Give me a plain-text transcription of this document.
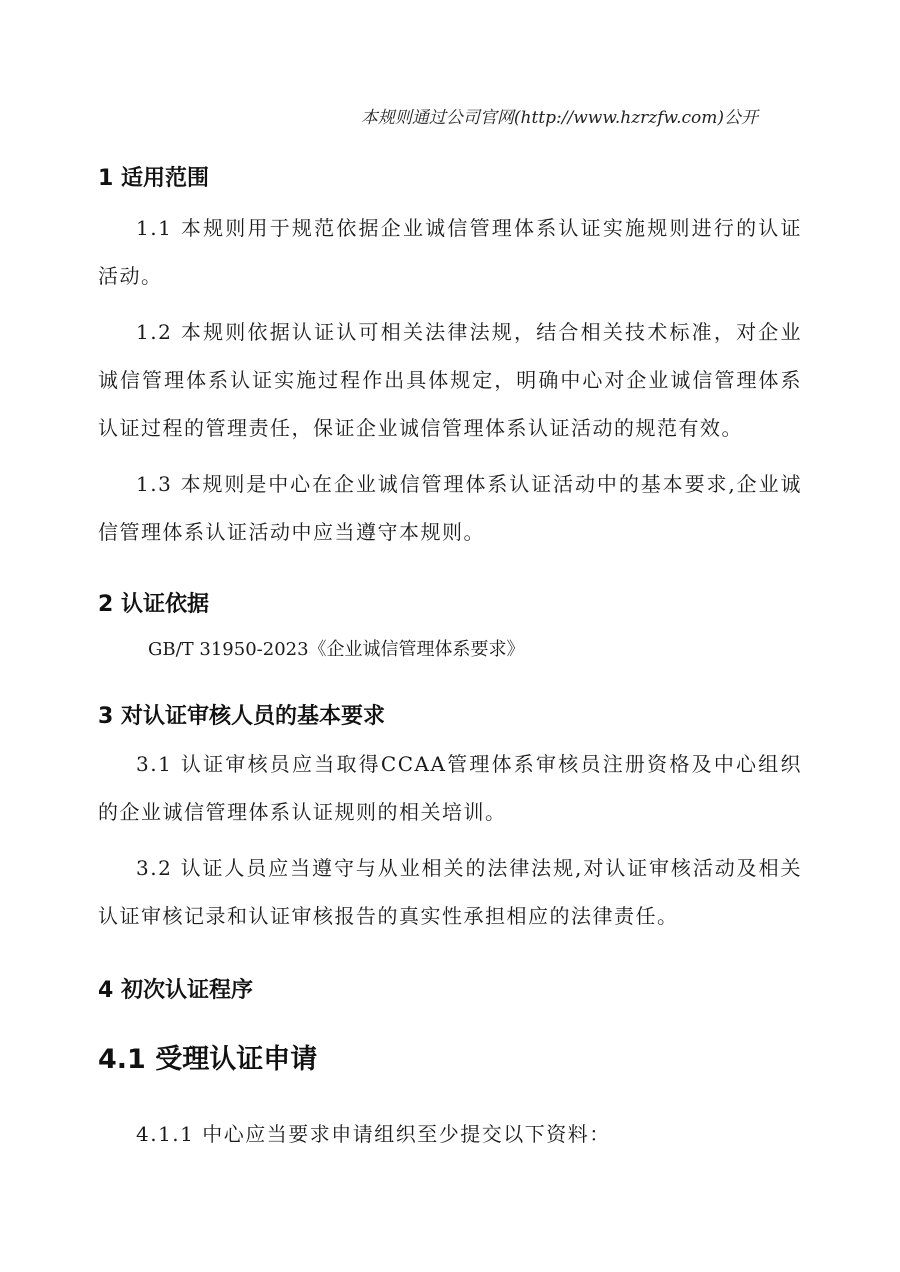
本规则通过公司官网(http://www.hzrzfw.com)公开
1 适用范围

1.1 本规则用于规范依据企业诚信管理体系认证实施规则进行的认证活动。

1.2 本规则依据认证认可相关法律法规，结合相关技术标准，对企业诚信管理体系认证实施过程作出具体规定，明确中心对企业诚信管理体系认证过程的管理责任，保证企业诚信管理体系认证活动的规范有效。

1.3 本规则是中心在企业诚信管理体系认证活动中的基本要求,企业诚信管理体系认证活动中应当遵守本规则。

2 认证依据

GB/T 31950-2023《企业诚信管理体系要求》

3 对认证审核人员的基本要求

3.1 认证审核员应当取得CCAA管理体系审核员注册资格及中心组织的企业诚信管理体系认证规则的相关培训。

3.2 认证人员应当遵守与从业相关的法律法规,对认证审核活动及相关认证审核记录和认证审核报告的真实性承担相应的法律责任。

4 初次认证程序
4.1 受理认证申请

4.1.1 中心应当要求申请组织至少提交以下资料：
